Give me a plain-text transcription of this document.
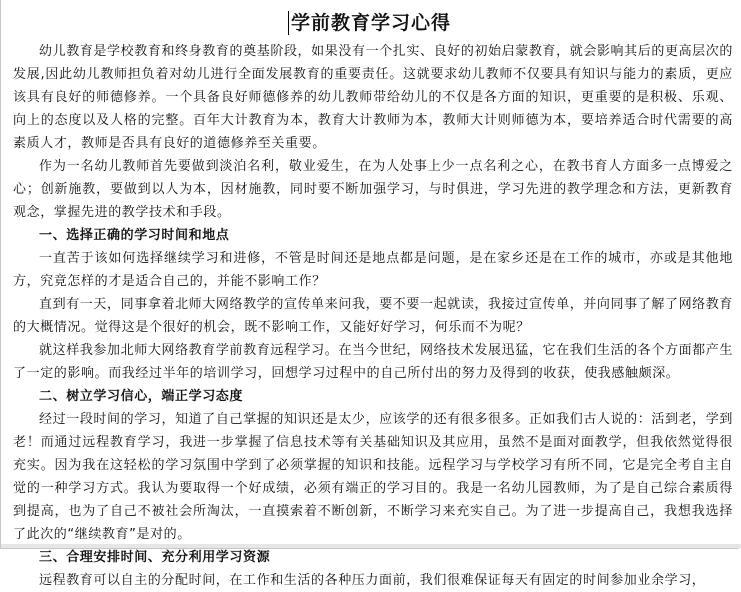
学前教育学习心得

幼儿教育是学校教育和终身教育的奠基阶段，如果没有一个扎实、良好的初始启蒙教育，就会影响其后的更高层次的发展,因此幼儿教师担负着对幼儿进行全面发展教育的重要责任。这就要求幼儿教师不仅要具有知识与能力的素质，更应该具有良好的师德修养。一个具备良好师德修养的幼儿教师带给幼儿的不仅是各方面的知识，更重要的是积极、乐观、向上的态度以及人格的完整。百年大计教育为本，教育大计教师为本，教师大计则师德为本，要培养适合时代需要的高素质人才，教师是否具有良好的道德修养至关重要。

作为一名幼儿教师首先要做到淡泊名利，敬业爱生，在为人处事上少一点名利之心，在教书育人方面多一点博爱之心；创新施教，要做到以人为本，因材施教，同时要不断加强学习，与时俱进，学习先进的教学理念和方法，更新教育观念，掌握先进的教学技术和手段。

一、选择正确的学习时间和地点

一直苦于该如何选择继续学习和进修，不管是时间还是地点都是问题，是在家乡还是在工作的城市，亦或是其他地方，究竟怎样的才是适合自己的，并能不影响工作？

直到有一天，同事拿着北师大网络教学的宣传单来问我，要不要一起就读，我接过宣传单，并向同事了解了网络教育的大概情况。觉得这是个很好的机会，既不影响工作，又能好好学习，何乐而不为呢？

就这样我参加北师大网络教育学前教育远程学习。在当今世纪，网络技术发展迅猛，它在我们生活的各个方面都产生了一定的影响。而我经过半年的培训学习，回想学习过程中的自己所付出的努力及得到的收获，使我感触颇深。

二、树立学习信心，端正学习态度

经过一段时间的学习，知道了自己掌握的知识还是太少，应该学的还有很多很多。正如我们古人说的：活到老，学到老！而通过远程教育学习，我进一步掌握了信息技术等有关基础知识及其应用，虽然不是面对面教学，但我依然觉得很充实。因为我在这轻松的学习氛围中学到了必须掌握的知识和技能。远程学习与学校学习有所不同，它是完全考自主自觉的一种学习方式。我认为要取得一个好成绩，必须有端正的学习目的。我是一名幼儿园教师，为了是自己综合素质得到提高，也为了自己不被社会所淘汰，一直摸索着不断创新，不断学习来充实自己。为了进一步提高自己，我想我选择了此次的“继续教育”是对的。

三、合理安排时间、充分利用学习资源

远程教育可以自主的分配时间，在工作和生活的各种压力面前，我们很难保证每天有固定的时间参加业余学习，
